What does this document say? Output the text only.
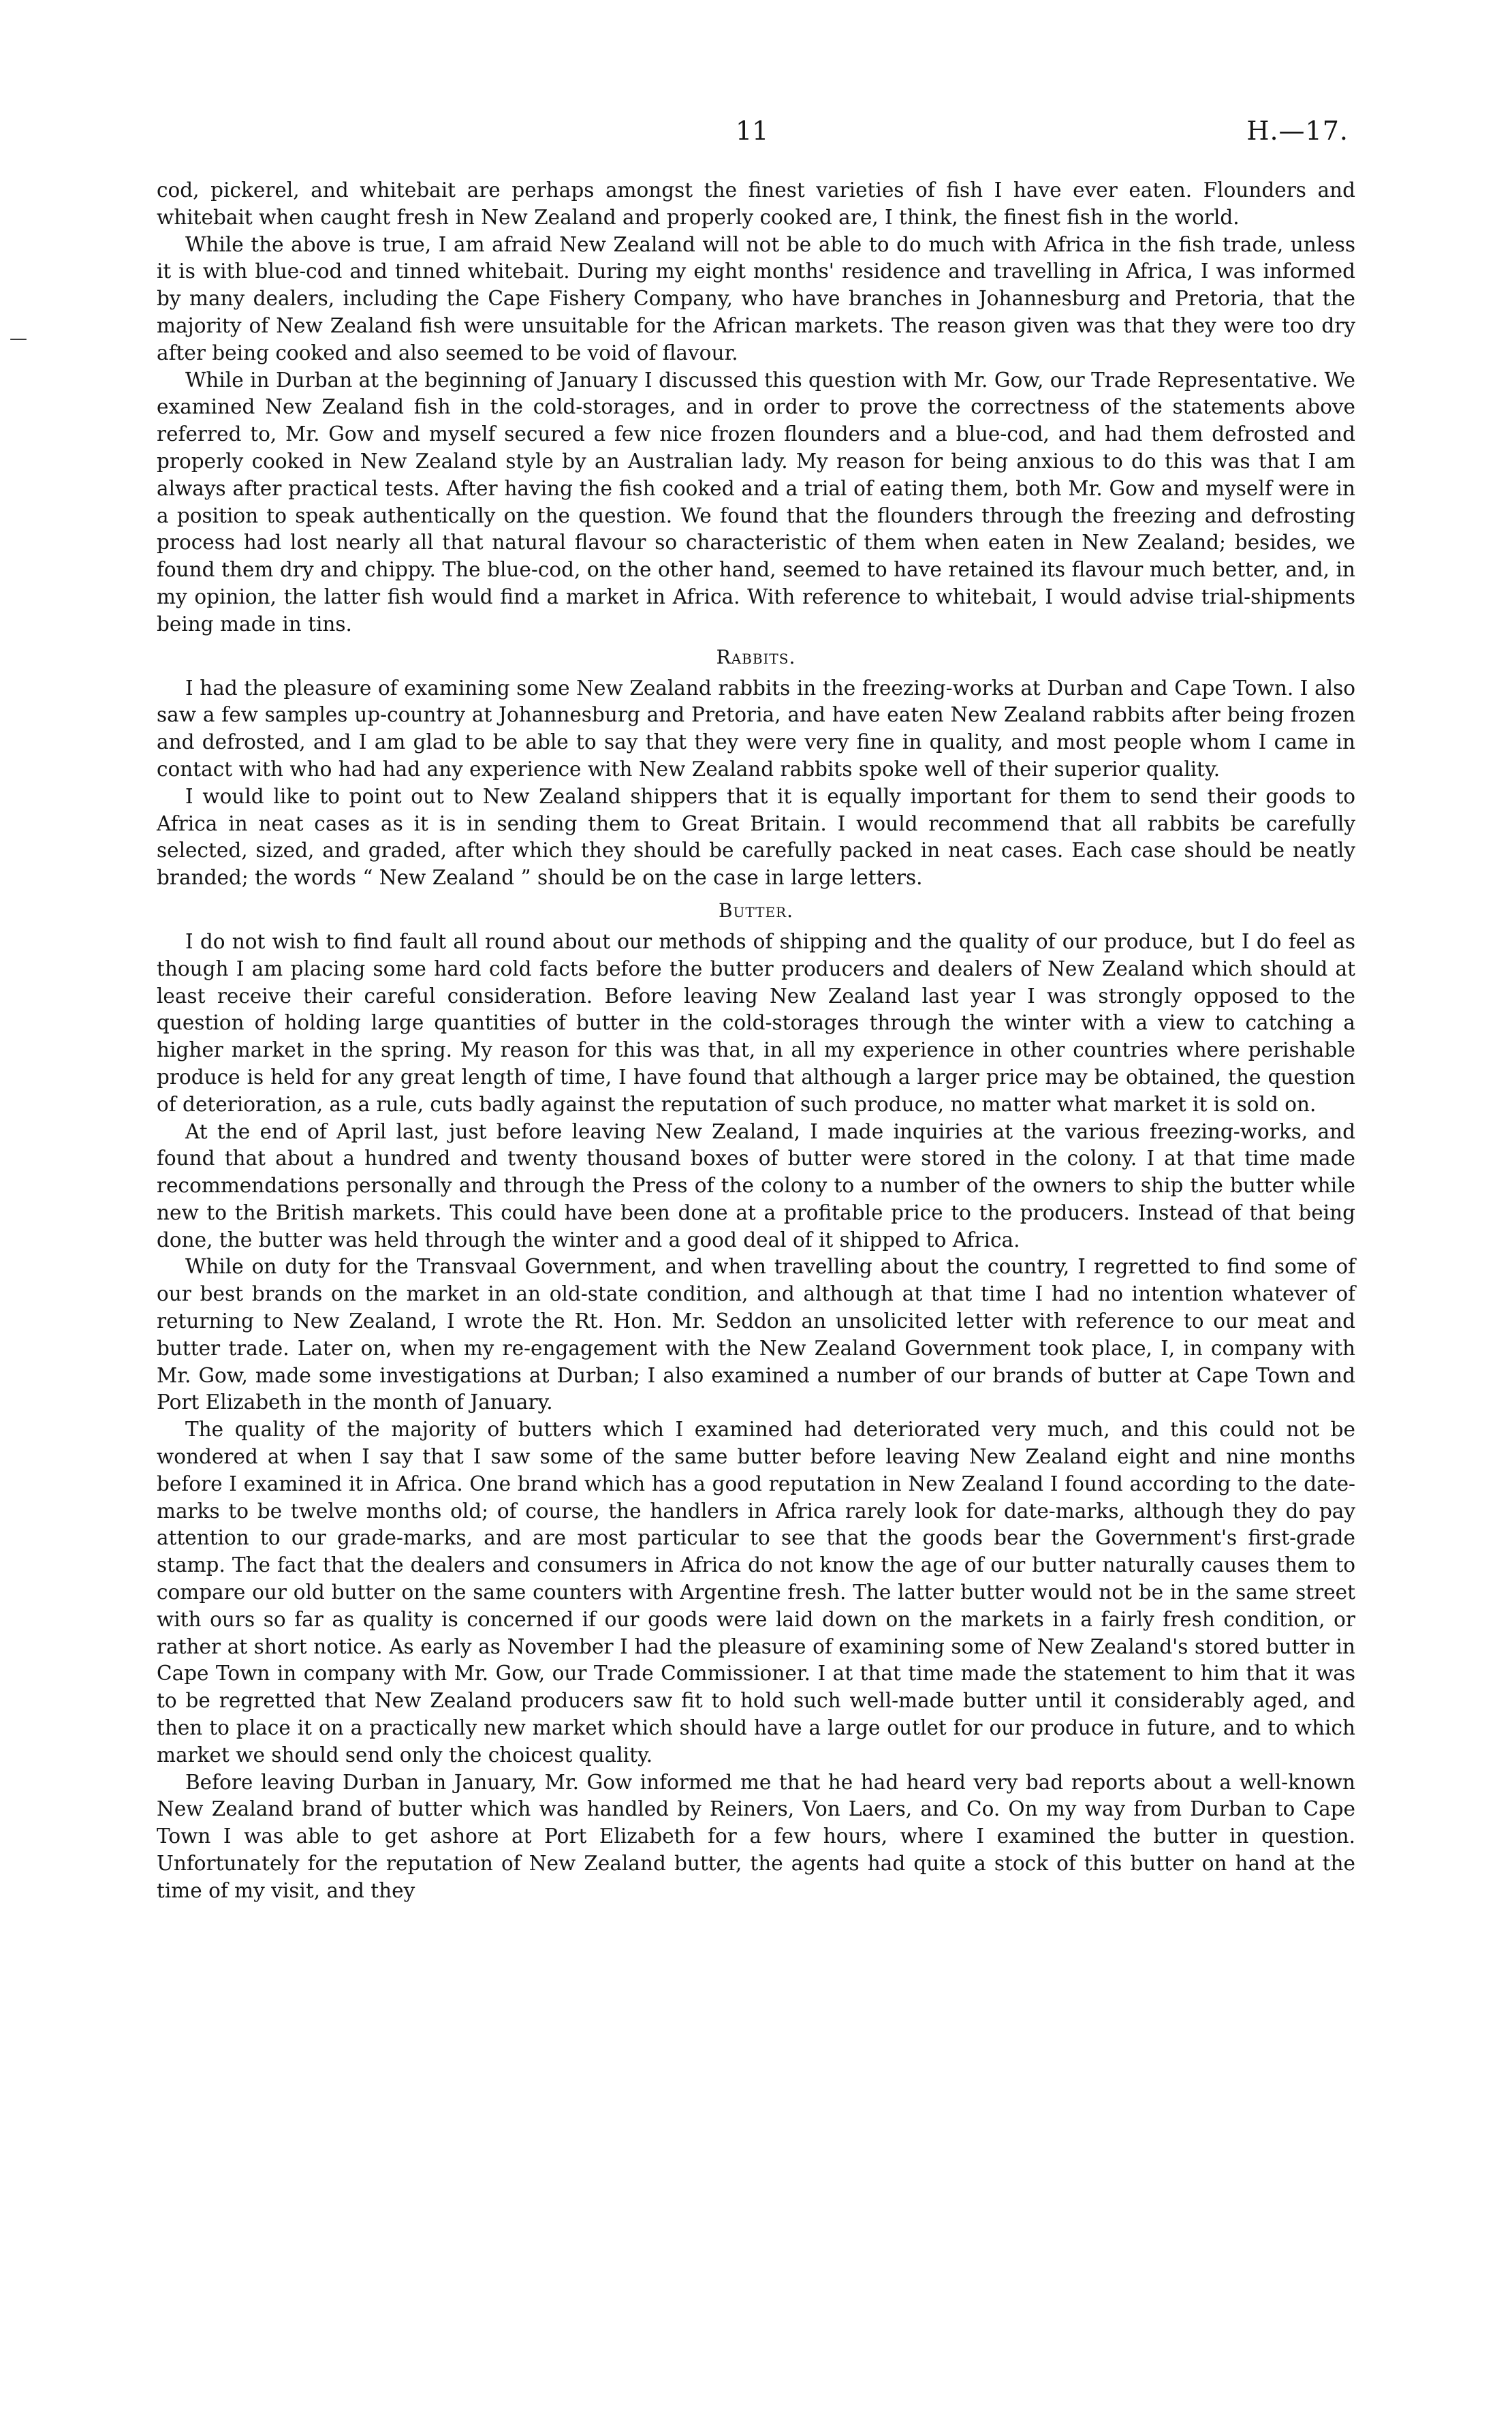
11	H.—17.
—

cod, pickerel, and whitebait are perhaps amongst the finest varieties of fish I have ever eaten. Flounders and whitebait when caught fresh in New Zealand and properly cooked are, I think, the finest fish in the world.

While the above is true, I am afraid New Zealand will not be able to do much with Africa in the fish trade, unless it is with blue-cod and tinned whitebait. During my eight months' residence and travelling in Africa, I was informed by many dealers, including the Cape Fishery Company, who have branches in Johannesburg and Pretoria, that the majority of New Zealand fish were unsuitable for the African markets. The reason given was that they were too dry after being cooked and also seemed to be void of flavour.

While in Durban at the beginning of January I discussed this question with Mr. Gow, our Trade Representative. We examined New Zealand fish in the cold-storages, and in order to prove the correctness of the statements above referred to, Mr. Gow and myself secured a few nice frozen flounders and a blue-cod, and had them defrosted and properly cooked in New Zealand style by an Australian lady. My reason for being anxious to do this was that I am always after practical tests. After having the fish cooked and a trial of eating them, both Mr. Gow and myself were in a position to speak authentically on the question. We found that the flounders through the freezing and defrosting process had lost nearly all that natural flavour so characteristic of them when eaten in New Zealand; besides, we found them dry and chippy. The blue-cod, on the other hand, seemed to have retained its flavour much better, and, in my opinion, the latter fish would find a market in Africa. With reference to whitebait, I would advise trial-shipments being made in tins.

Rabbits.

I had the pleasure of examining some New Zealand rabbits in the freezing-works at Durban and Cape Town. I also saw a few samples up-country at Johannesburg and Pretoria, and have eaten New Zealand rabbits after being frozen and defrosted, and I am glad to be able to say that they were very fine in quality, and most people whom I came in contact with who had had any experience with New Zealand rabbits spoke well of their superior quality.

I would like to point out to New Zealand shippers that it is equally important for them to send their goods to Africa in neat cases as it is in sending them to Great Britain. I would recommend that all rabbits be carefully selected, sized, and graded, after which they should be carefully packed in neat cases. Each case should be neatly branded; the words “ New Zealand ” should be on the case in large letters.

Butter.

I do not wish to find fault all round about our methods of shipping and the quality of our produce, but I do feel as though I am placing some hard cold facts before the butter producers and dealers of New Zealand which should at least receive their careful consideration. Before leaving New Zealand last year I was strongly opposed to the question of holding large quantities of butter in the cold-storages through the winter with a view to catching a higher market in the spring. My reason for this was that, in all my experience in other countries where perishable produce is held for any great length of time, I have found that although a larger price may be obtained, the question of deterioration, as a rule, cuts badly against the reputation of such produce, no matter what market it is sold on.

At the end of April last, just before leaving New Zealand, I made inquiries at the various freezing-works, and found that about a hundred and twenty thousand boxes of butter were stored in the colony. I at that time made recommendations personally and through the Press of the colony to a number of the owners to ship the butter while new to the British markets. This could have been done at a profitable price to the producers. Instead of that being done, the butter was held through the winter and a good deal of it shipped to Africa.

While on duty for the Transvaal Government, and when travelling about the country, I regretted to find some of our best brands on the market in an old-state condition, and although at that time I had no intention whatever of returning to New Zealand, I wrote the Rt. Hon. Mr. Seddon an unsolicited letter with reference to our meat and butter trade. Later on, when my re-engagement with the New Zealand Government took place, I, in company with Mr. Gow, made some investigations at Durban; I also examined a number of our brands of butter at Cape Town and Port Elizabeth in the month of January.

The quality of the majority of butters which I examined had deteriorated very much, and this could not be wondered at when I say that I saw some of the same butter before leaving New Zealand eight and nine months before I examined it in Africa. One brand which has a good reputation in New Zealand I found according to the date-marks to be twelve months old; of course, the handlers in Africa rarely look for date-marks, although they do pay attention to our grade-marks, and are most particular to see that the goods bear the Government's first-grade stamp. The fact that the dealers and consumers in Africa do not know the age of our butter naturally causes them to compare our old butter on the same counters with Argentine fresh. The latter butter would not be in the same street with ours so far as quality is concerned if our goods were laid down on the markets in a fairly fresh condition, or rather at short notice. As early as November I had the pleasure of examining some of New Zealand's stored butter in Cape Town in company with Mr. Gow, our Trade Commissioner. I at that time made the statement to him that it was to be regretted that New Zealand producers saw fit to hold such well-made butter until it considerably aged, and then to place it on a practically new market which should have a large outlet for our produce in future, and to which market we should send only the choicest quality.

Before leaving Durban in January, Mr. Gow informed me that he had heard very bad reports about a well-known New Zealand brand of butter which was handled by Reiners, Von Laers, and Co. On my way from Durban to Cape Town I was able to get ashore at Port Elizabeth for a few hours, where I examined the butter in question. Unfortunately for the reputation of New Zealand butter, the agents had quite a stock of this butter on hand at the time of my visit, and they
